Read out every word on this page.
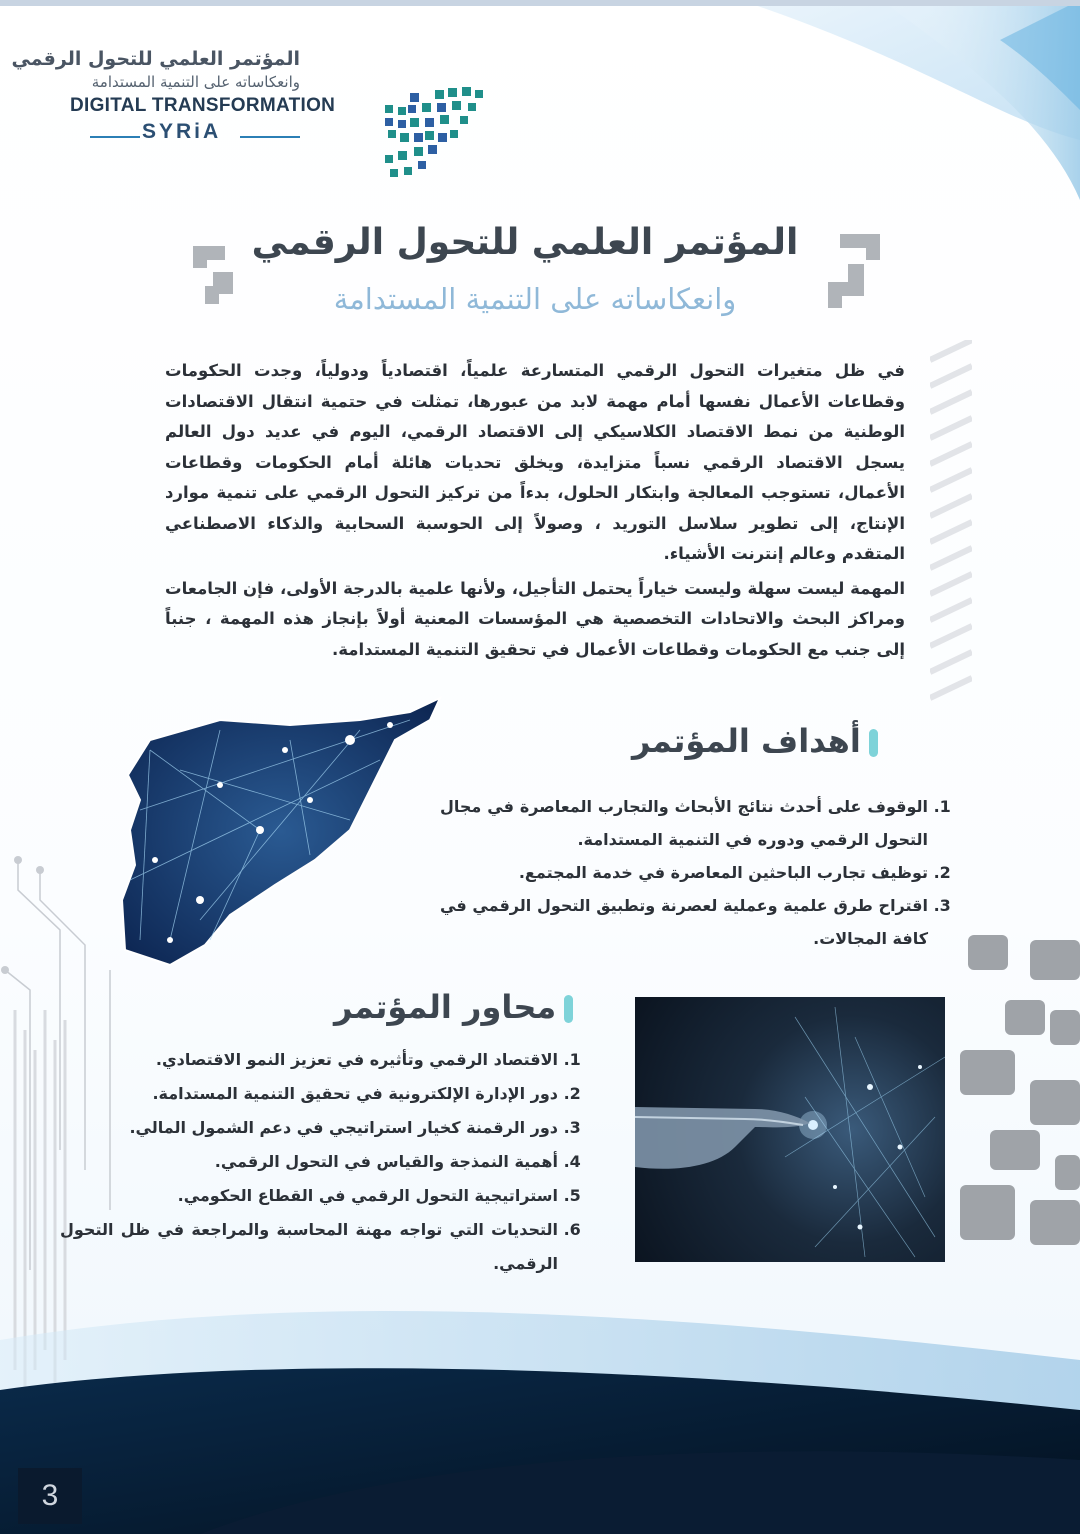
المؤتمر العلمي للتحول الرقمي
وانعكاساته على التنمية المستدامة
DIGITAL TRANSFORMATION
SYRiA
المؤتمر العلمي للتحول الرقمي
وانعكاساته على التنمية المستدامة

في ظل متغيرات التحول الرقمي المتسارعة علمياً، اقتصادياً ودولياً، وجدت الحكومات وقطاعات الأعمال نفسها أمام مهمة لابد من عبورها، تمثلت في حتمية انتقال الاقتصادات الوطنية من نمط الاقتصاد الكلاسيكي إلى الاقتصاد الرقمي، اليوم في عديد دول العالم يسجل الاقتصاد الرقمي نسباً متزايدة، ويخلق تحديات هائلة أمام الحكومات وقطاعات الأعمال، تستوجب المعالجة وابتكار الحلول، بدءاً من تركيز التحول الرقمي على تنمية موارد الإنتاج، إلى تطوير سلاسل التوريد ، وصولاً إلى الحوسبة السحابية والذكاء الاصطناعي المتقدم وعالم إنترنت الأشياء.

المهمة ليست سهلة وليست خياراً يحتمل التأجيل، ولأنها علمية بالدرجة الأولى، فإن الجامعات ومراكز البحث والاتحادات التخصصية هي المؤسسات المعنية أولاً بإنجاز هذه المهمة ، جنباً إلى جنب مع الحكومات وقطاعات الأعمال في تحقيق التنمية المستدامة.

أهداف المؤتمر
1. الوقوف على أحدث نتائج الأبحاث والتجارب المعاصرة في مجال التحول الرقمي ودوره في التنمية المستدامة.
2. توظيف تجارب الباحثين المعاصرة في خدمة المجتمع.
3. اقتراح طرق علمية وعملية لعصرنة وتطبيق التحول الرقمي في كافة المجالات.
محاور المؤتمر
1. الاقتصاد الرقمي وتأثيره في تعزيز النمو الاقتصادي.
2. دور الإدارة الإلكترونية في تحقيق التنمية المستدامة.
3. دور الرقمنة كخيار استراتيجي في دعم الشمول المالي.
4. أهمية النمذجة والقياس في التحول الرقمي.
5. استراتيجية التحول الرقمي في القطاع الحكومي.
6. التحديات التي تواجه مهنة المحاسبة والمراجعة في ظل التحول الرقمي.
3
